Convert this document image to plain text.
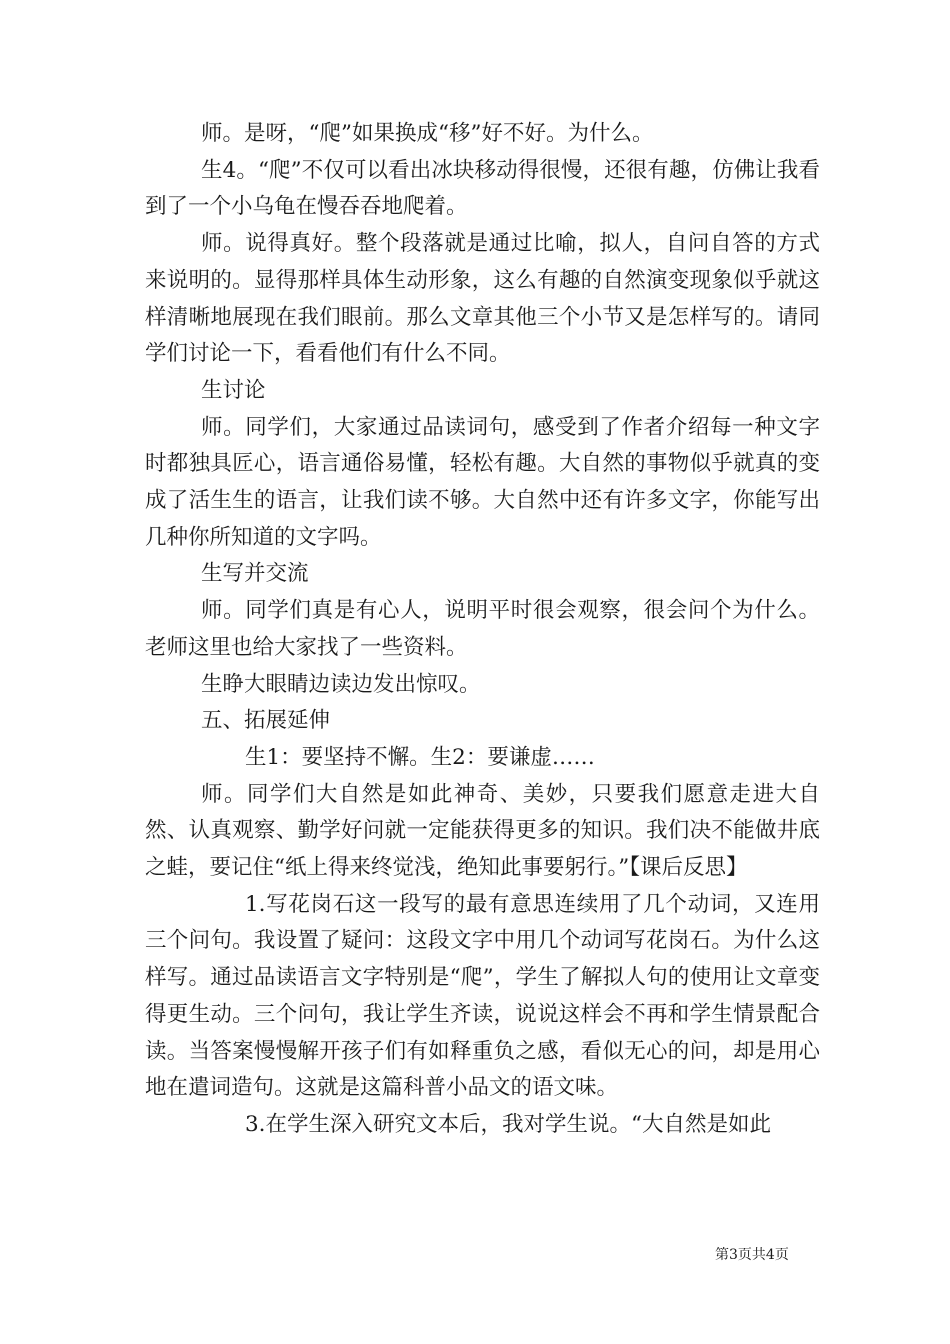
师。是呀，“爬”如果换成“移”好不好。为什么。

生4。“爬”不仅可以看出冰块移动得很慢，还很有趣，仿佛让我看到了一个小乌龟在慢吞吞地爬着。

师。说得真好。整个段落就是通过比喻，拟人，自问自答的方式来说明的。显得那样具体生动形象，这么有趣的自然演变现象似乎就这样清晰地展现在我们眼前。那么文章其他三个小节又是怎样写的。请同学们讨论一下，看看他们有什么不同。

生讨论

师。同学们，大家通过品读词句，感受到了作者介绍每一种文字时都独具匠心，语言通俗易懂，轻松有趣。大自然的事物似乎就真的变成了活生生的语言，让我们读不够。大自然中还有许多文字，你能写出几种你所知道的文字吗。

生写并交流

师。同学们真是有心人，说明平时很会观察，很会问个为什么。老师这里也给大家找了一些资料。

生睁大眼睛边读边发出惊叹。

五、拓展延伸

生1：要坚持不懈。生2：要谦虚……

师。同学们大自然是如此神奇、美妙，只要我们愿意走进大自然、认真观察、勤学好问就一定能获得更多的知识。我们决不能做井底之蛙，要记住“纸上得来终觉浅，绝知此事要躬行。”【课后反思】

1.写花岗石这一段写的最有意思连续用了几个动词，又连用三个问句。我设置了疑问：这段文字中用几个动词写花岗石。为什么这样写。通过品读语言文字特别是“爬”，学生了解拟人句的使用让文章变得更生动。三个问句，我让学生齐读，说说这样会不再和学生情景配合读。当答案慢慢解开孩子们有如释重负之感，看似无心的问，却是用心地在遣词造句。这就是这篇科普小品文的语文味。

3.在学生深入研究文本后，我对学生说。“大自然是如此

第3页共4页
